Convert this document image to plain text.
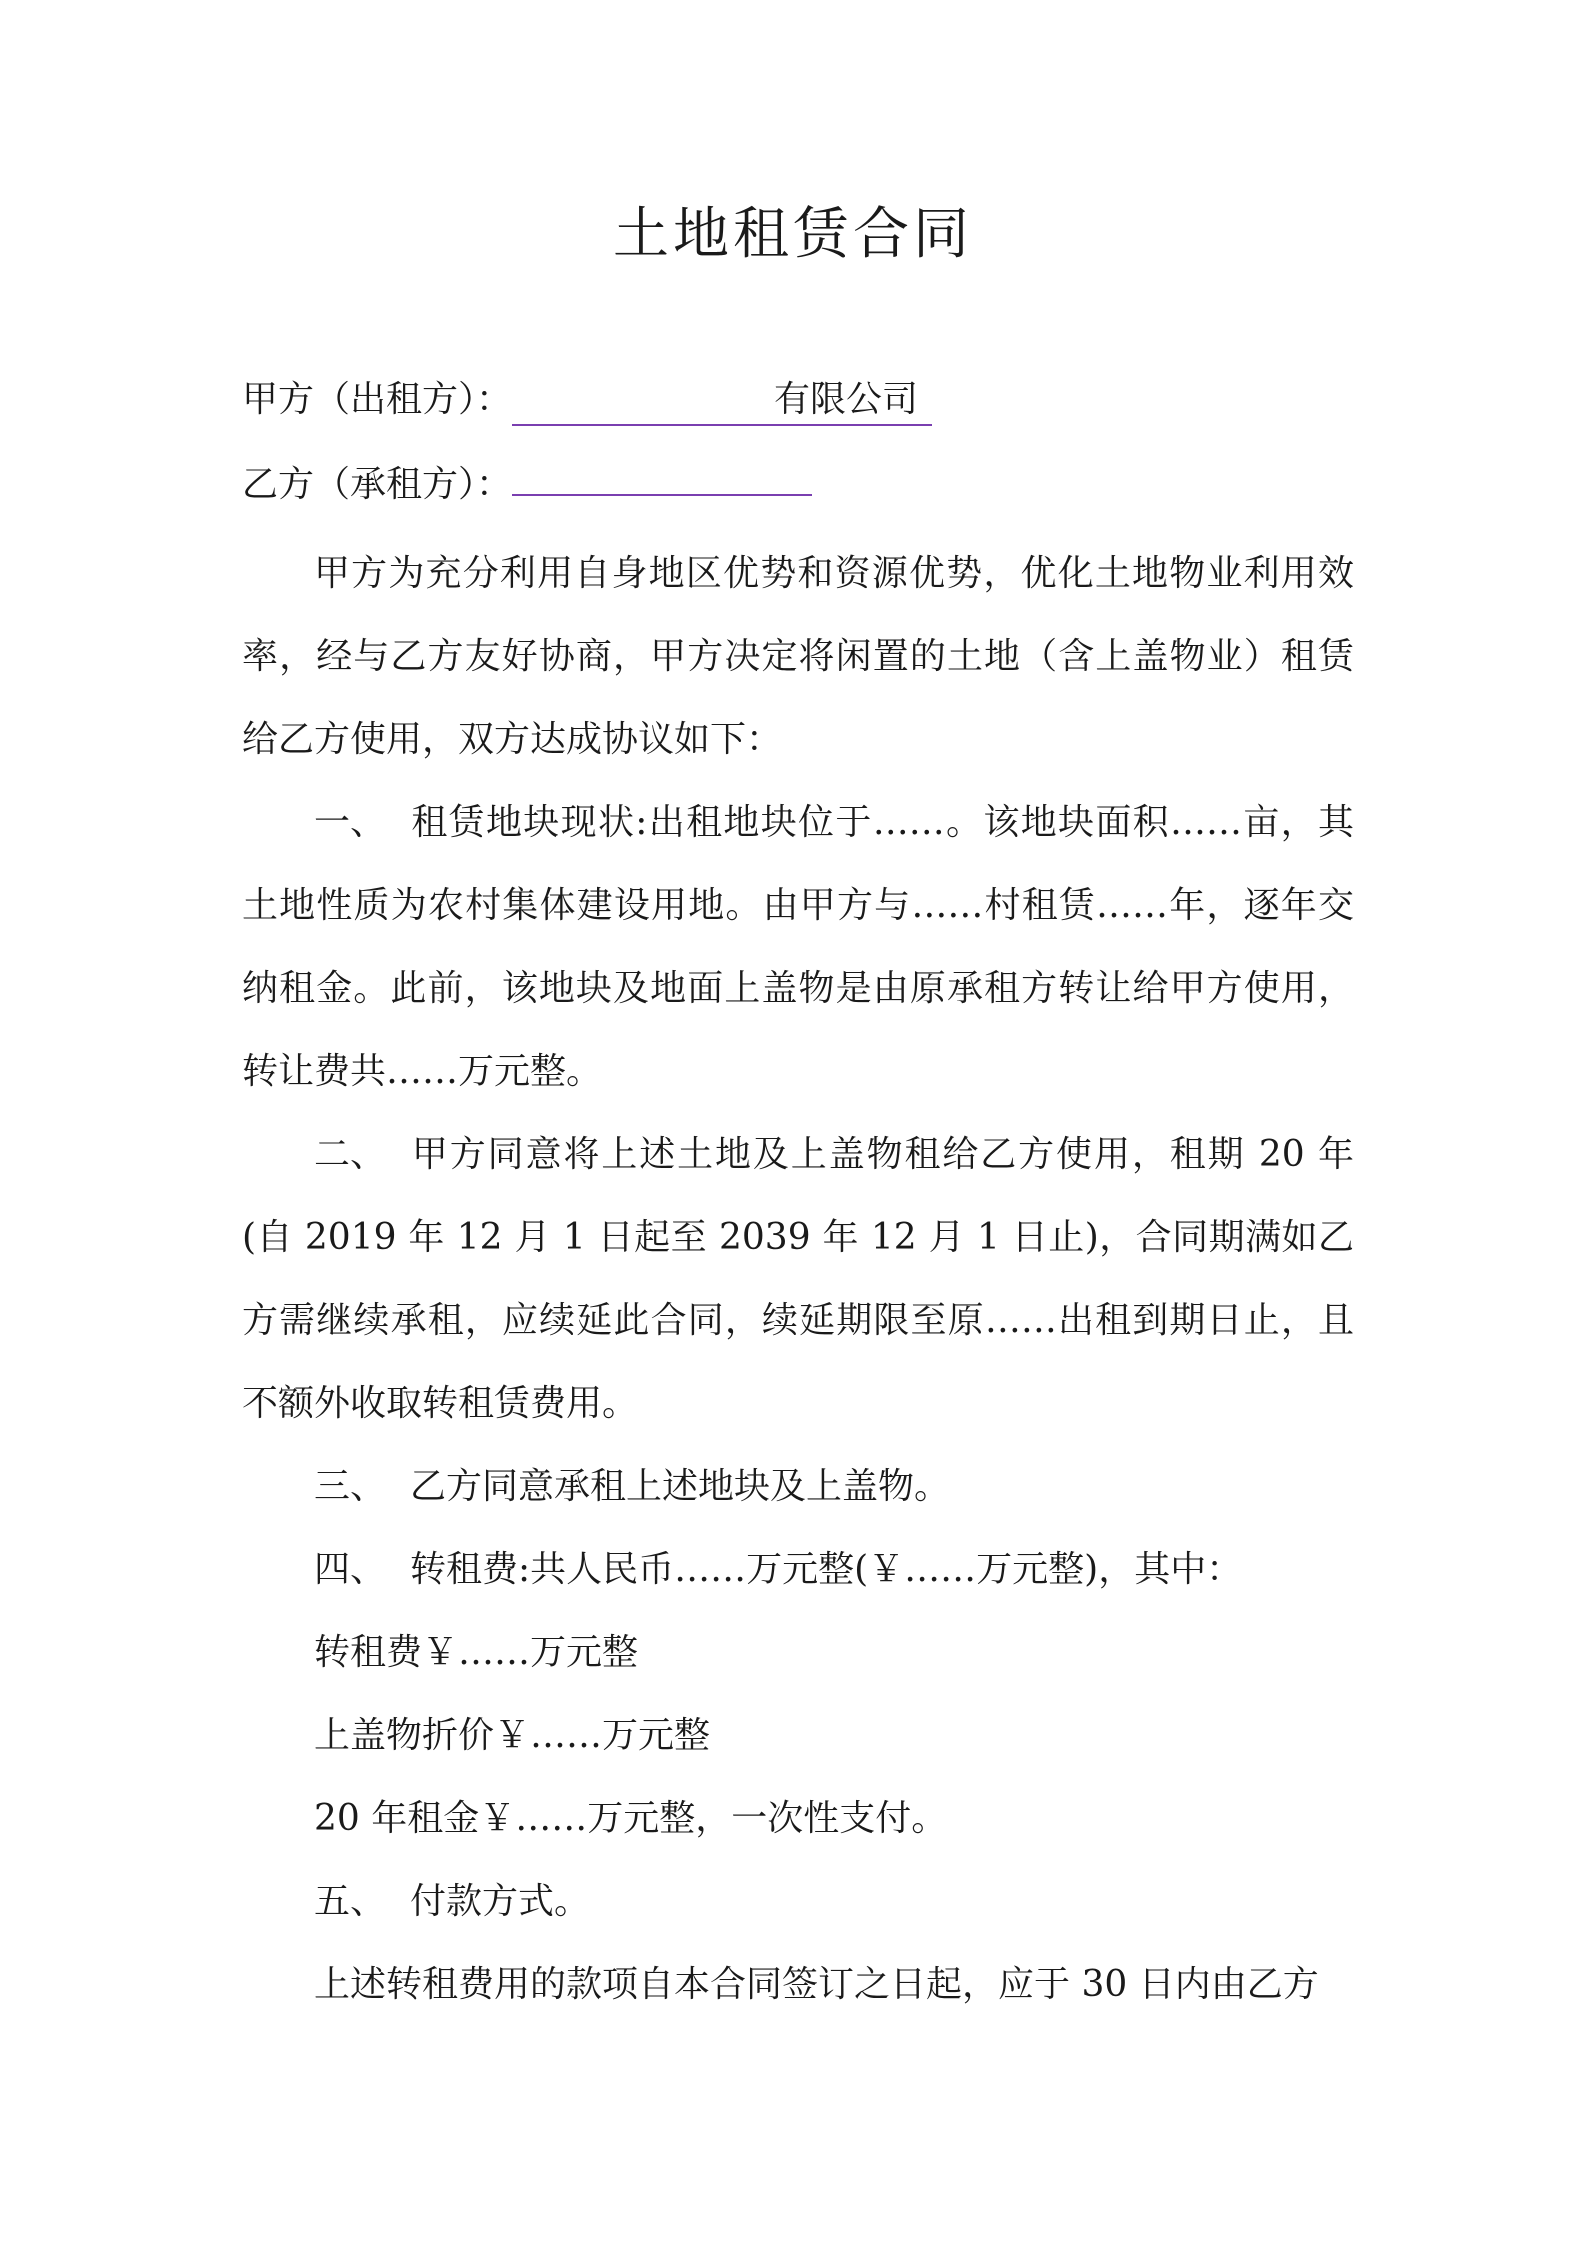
土地租赁合同
甲方（出租方）：	有限公司
乙方（承租方）：

甲方为充分利用自身地区优势和资源优势，优化土地物业利用效率，经与乙方友好协商，甲方决定将闲置的土地（含上盖物业）租赁给乙方使用，双方达成协议如下：

一、 租赁地块现状:出租地块位于……。该地块面积……亩，其土地性质为农村集体建设用地。由甲方与……村租赁……年，逐年交纳租金。此前，该地块及地面上盖物是由原承租方转让给甲方使用，转让费共……万元整。

二、 甲方同意将上述土地及上盖物租给乙方使用，租期 20 年(自 2019 年 12 月 1 日起至 2039 年 12 月 1 日止)，合同期满如乙方需继续承租，应续延此合同，续延期限至原……出租到期日止，且不额外收取转租赁费用。

三、 乙方同意承租上述地块及上盖物。

四、 转租费:共人民币……万元整(￥……万元整)，其中：

转租费￥……万元整

上盖物折价￥……万元整

20 年租金￥……万元整，一次性支付。

五、 付款方式。

上述转租费用的款项自本合同签订之日起，应于 30 日内由乙方
